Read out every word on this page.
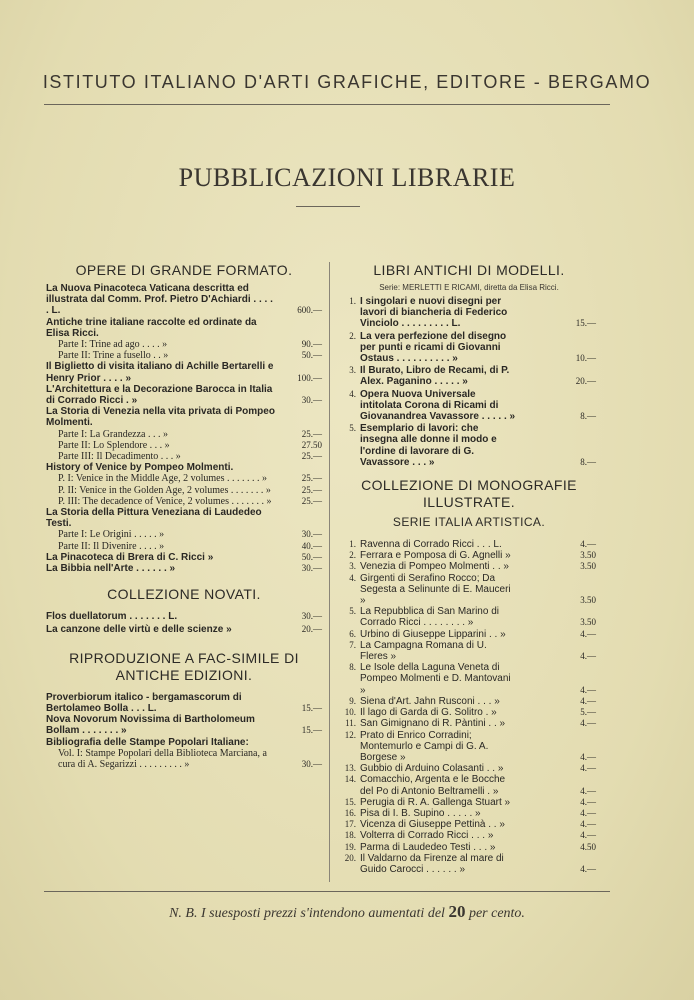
ISTITUTO ITALIANO D'ARTI GRAFICHE, EDITORE - BERGAMO
PUBBLICAZIONI LIBRARIE
OPERE DI GRANDE FORMATO.
La Nuova Pinacoteca Vaticana descritta ed illustrata dal Comm. Prof. Pietro D'Achiardi . . . . . L.	600.—
Antiche trine italiane raccolte ed ordinate da Elisa Ricci.
Parte I: Trine ad ago . . . . »	90.—
Parte II: Trine a fusello . . »	50.—
Il Biglietto di visita italiano di Achille Bertarelli e Henry Prior . . . . »	100.—
L'Architettura e la Decorazione Barocca in Italia di Corrado Ricci . »	30.—
La Storia di Venezia nella vita privata di Pompeo Molmenti.
Parte I: La Grandezza . . . »	25.—
Parte II: Lo Splendore . . . »	27.50
Parte III: Il Decadimento . . . »	25.—
History of Venice by Pompeo Molmenti.
P. I: Venice in the Middle Age, 2 volumes . . . . . . . »	25.—
P. II: Venice in the Golden Age, 2 volumes . . . . . . . »	25.—
P. III: The decadence of Venice, 2 volumes . . . . . . . »	25.—
La Storia della Pittura Veneziana di Laudedeo Testi.
Parte I: Le Origini . . . . . »	30.—
Parte II: Il Divenire . . . . »	40.—
La Pinacoteca di Brera di C. Ricci »	50.—
La Bibbia nell'Arte . . . . . . »	30.—
COLLEZIONE NOVATI.
Flos duellatorum . . . . . . . L.	30.—
La canzone delle virtù e delle scienze »	20.—
RIPRODUZIONE A FAC-SIMILE DI ANTICHE EDIZIONI.
Proverbiorum italico - bergamascorum di Bertolameo Bolla . . . L.	15.—
Nova Novorum Novissima di Bartholomeum Bollam . . . . . . . »	15.—
Bibliografia delle Stampe Popolari Italiane:
Vol. I: Stampe Popolari della Biblioteca Marciana, a cura di A. Segarizzi . . . . . . . . . »	30.—
LIBRI ANTICHI DI MODELLI.
Serie: MERLETTI E RICAMI, diretta da Elisa Ricci.
1. I singolari e nuovi disegni per lavori di biancheria di Federico Vinciolo . . . . . . . . . L.	15.—
2. La vera perfezione del disegno per punti e ricami di Giovanni Ostaus . . . . . . . . . . »	10.—
3. Il Burato, Libro de Recami, di P. Alex. Paganino . . . . . »	20.—
4. Opera Nuova Universale intitolata Corona di Ricami di Giovanandrea Vavassore . . . . . »	8.—
5. Esemplario di lavori: che insegna alle donne il modo e l'ordine di lavorare di G. Vavassore . . . »	8.—
COLLEZIONE DI MONOGRAFIE ILLUSTRATE.
SERIE ITALIA ARTISTICA.
1. Ravenna di Corrado Ricci . . . L.	4.—
2. Ferrara e Pomposa di G. Agnelli »	3.50
3. Venezia di Pompeo Molmenti . . »	3.50
4. Girgenti di Serafino Rocco; Da Segesta a Selinunte di E. Mauceri »	3.50
5. La Repubblica di San Marino di Corrado Ricci . . . . . . . . »	3.50
6. Urbino di Giuseppe Lipparini . . »	4.—
7. La Campagna Romana di U. Fleres »	4.—
8. Le Isole della Laguna Veneta di Pompeo Molmenti e D. Mantovani »	4.—
9. Siena d'Art. Jahn Rusconi . . . »	4.—
10. Il lago di Garda di G. Solitro . »	5.—
11. San Gimignano di R. Pàntini . . »	4.—
12. Prato di Enrico Corradini; Montemurlo e Campi di G. A. Borgese »	4.—
13. Gubbio di Arduino Colasanti . . »	4.—
14. Comacchio, Argenta e le Bocche del Po di Antonio Beltramelli . »	4.—
15. Perugia di R. A. Gallenga Stuart »	4.—
16. Pisa di I. B. Supino . . . . . »	4.—
17. Vicenza di Giuseppe Pettinà . . »	4.—
18. Volterra di Corrado Ricci . . . »	4.—
19. Parma di Laudedeo Testi . . . »	4.50
20. Il Valdarno da Firenze al mare di Guido Carocci . . . . . . »	4.—
N. B. I suesposti prezzi s'intendono aumentati del 20 per cento.
